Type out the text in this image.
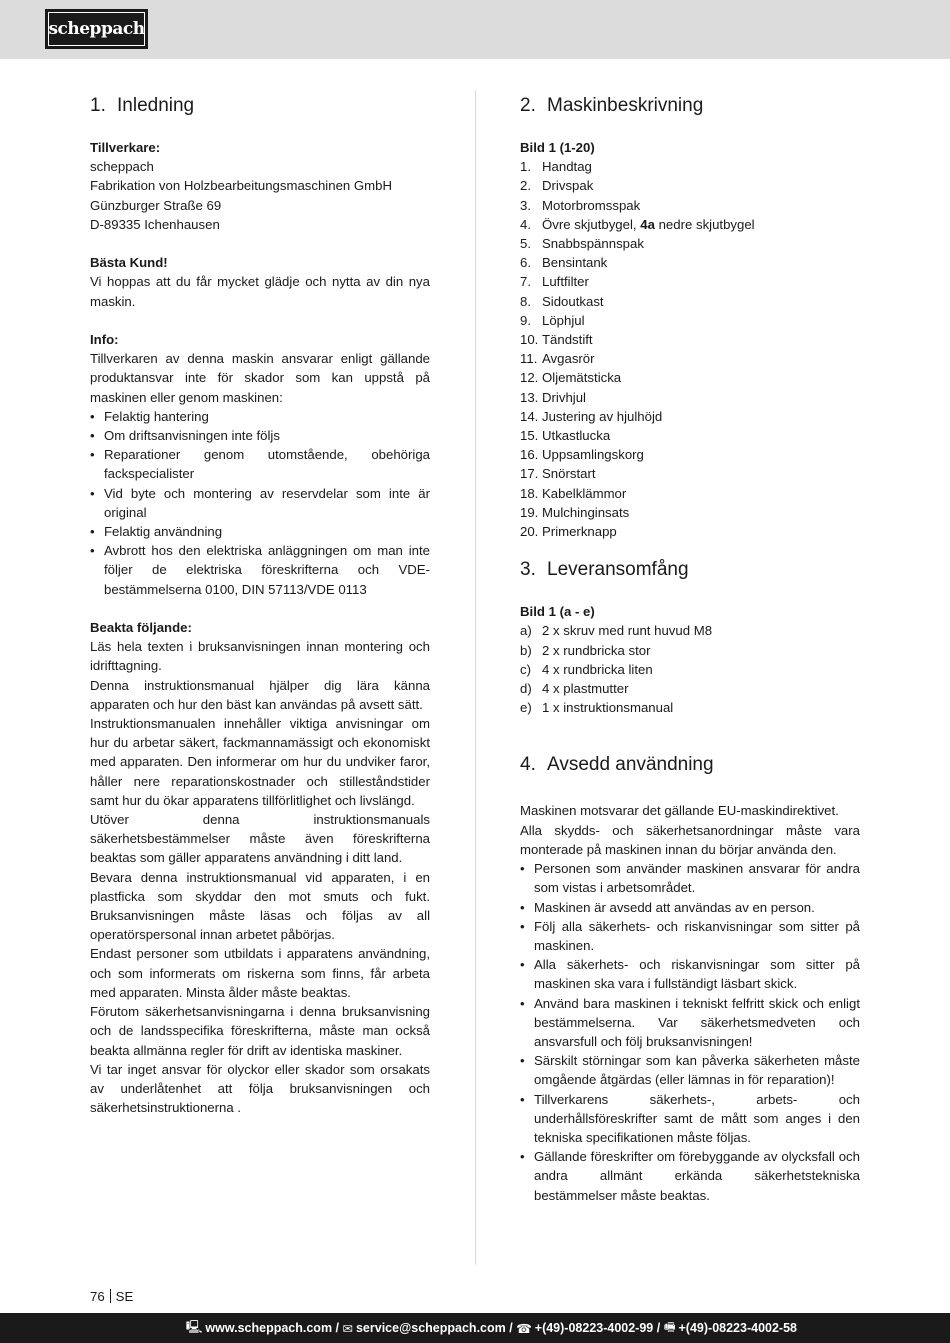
scheppach
1. Inledning

Tillverkare:

scheppach

Fabrikation von Holzbearbeitungsmaschinen GmbH

Günzburger Straße 69

D-89335 Ichenhausen

Bästa Kund!

Vi hoppas att du får mycket glädje och nytta av din nya maskin.

Info:

Tillverkaren av denna maskin ansvarar enligt gällande produktansvar inte för skador som kan uppstå på maskinen eller genom maskinen:

• Felaktig hantering
• Om driftsanvisningen inte följs
• Reparationer genom utomstående, obehöriga fackspecialister
• Vid byte och montering av reservdelar som inte är original
• Felaktig användning
• Avbrott hos den elektriska anläggningen om man inte följer de elektriska föreskrifterna och VDE-bestämmelserna 0100, DIN 57113/VDE 0113

Beakta följande:

Läs hela texten i bruksanvisningen innan montering och idrifttagning.

Denna instruktionsmanual hjälper dig lära känna apparaten och hur den bäst kan användas på avsett sätt.

Instruktionsmanualen innehåller viktiga anvisningar om hur du arbetar säkert, fackmannamässigt och ekonomiskt med apparaten. Den informerar om hur du undviker faror, håller nere reparationskostnader och stilleståndstider samt hur du ökar apparatens tillförlitlighet och livslängd.

Utöver denna instruktionsmanuals säkerhetsbestämmelser måste även föreskrifterna beaktas som gäller apparatens användning i ditt land.

Bevara denna instruktionsmanual vid apparaten, i en plastficka som skyddar den mot smuts och fukt. Bruksanvisningen måste läsas och följas av all operatörspersonal innan arbetet påbörjas.

Endast personer som utbildats i apparatens användning, och som informerats om riskerna som finns, får arbeta med apparaten. Minsta ålder måste beaktas.

Förutom säkerhetsanvisningarna i denna bruksanvisning och de landsspecifika föreskrifterna, måste man också beakta allmänna regler för drift av identiska maskiner.

Vi tar inget ansvar för olyckor eller skador som orsakats av underlåtenhet att följa bruksanvisningen och säkerhetsinstruktionerna .

2. Maskinbeskrivning

Bild 1 (1-20)

1. Handtag
2. Drivspak
3. Motorbromsspak
4. Övre skjutbygel, 4a nedre skjutbygel
5. Snabbspännspak
6. Bensintank
7. Luftfilter
8. Sidoutkast
9. Löphjul
10. Tändstift
11. Avgasrör
12. Oljemätsticka
13. Drivhjul
14. Justering av hjulhöjd
15. Utkastlucka
16. Uppsamlingskorg
17. Snörstart
18. Kabelklämmor
19. Mulchinginsats
20. Primerknapp
3. Leveransomfång

Bild 1 (a - e)

a) 2 x skruv med runt huvud M8
b) 2 x rundbricka stor
c) 4 x rundbricka liten
d) 4 x plastmutter
e) 1 x instruktionsmanual
4. Avsedd användning

Maskinen motsvarar det gällande EU-maskindirektivet.

Alla skydds- och säkerhetsanordningar måste vara monterade på maskinen innan du börjar använda den.

• Personen som använder maskinen ansvarar för andra som vistas i arbetsområdet.
• Maskinen är avsedd att användas av en person.
• Följ alla säkerhets- och riskanvisningar som sitter på maskinen.
• Alla säkerhets- och riskanvisningar som sitter på maskinen ska vara i fullständigt läsbart skick.
• Använd bara maskinen i tekniskt felfritt skick och enligt bestämmelserna. Var säkerhetsmedveten och ansvarsfull och följ bruksanvisningen!
• Särskilt störningar som kan påverka säkerheten måste omgående åtgärdas (eller lämnas in för reparation)!
• Tillverkarens säkerhets-, arbets- och underhållsföreskrifter samt de mått som anges i den tekniska specifikationen måste följas.
• Gällande föreskrifter om förebyggande av olycksfall och andra allmänt erkända säkerhetstekniska bestämmelser måste beaktas.
76 SE
🖳 www.scheppach.com /
✉ service@scheppach.com /
☎ +(49)-08223-4002-99 /
🖷 +(49)-08223-4002-58
